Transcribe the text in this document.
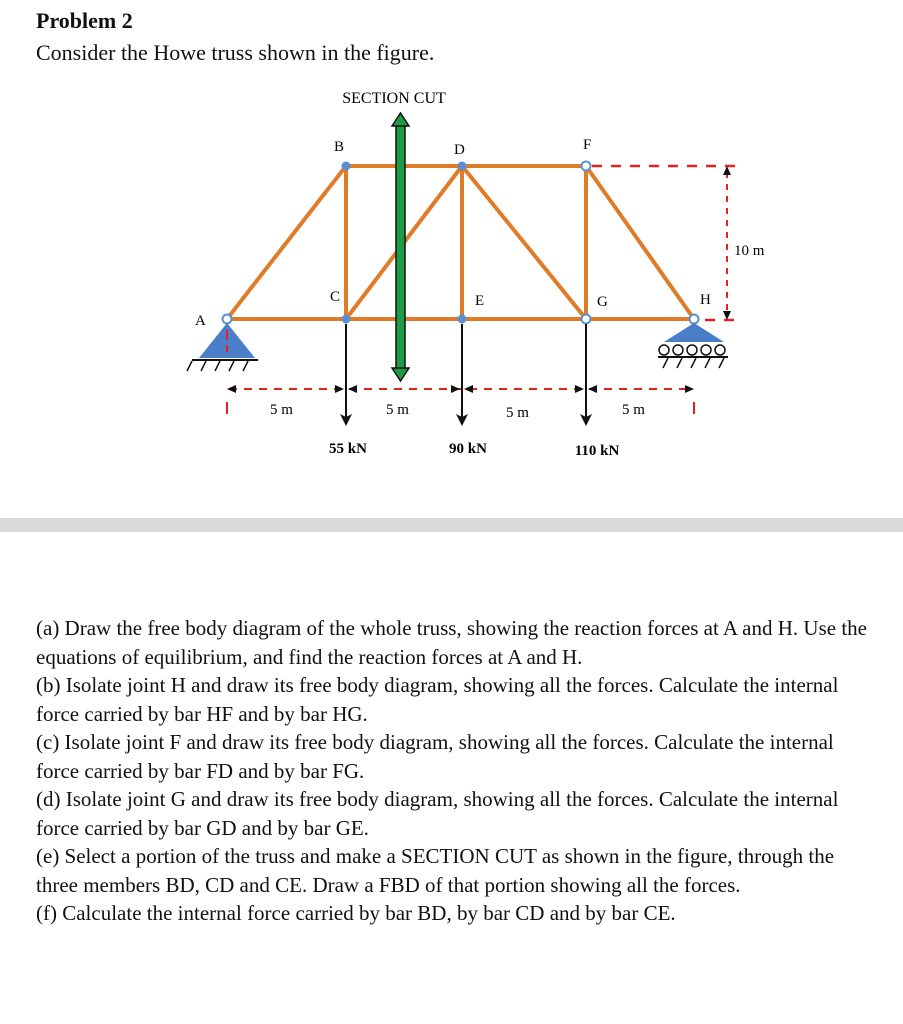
Problem 2

Consider the Howe truss shown in the figure.

SECTION CUT
10 m
A
B
C
D
E
F
G	H
5 m	5 m	5 m	5 m
55 kN	90 kN	110 kN

(a) Draw the free body diagram of the whole truss, showing the reaction forces at A and H. Use the equations of equilibrium, and find the reaction forces at A and H.

(b) Isolate joint H and draw its free body diagram, showing all the forces. Calculate the internal force carried by bar HF and by bar HG.

(c) Isolate joint F and draw its free body diagram, showing all the forces. Calculate the internal force carried by bar FD and by bar FG.

(d) Isolate joint G and draw its free body diagram, showing all the forces. Calculate the internal force carried by bar GD and by bar GE.

(e) Select a portion of the truss and make a SECTION CUT as shown in the figure, through the three members BD, CD and CE. Draw a FBD of that portion showing all the forces.

(f) Calculate the internal force carried by bar BD, by bar CD and by bar CE.
